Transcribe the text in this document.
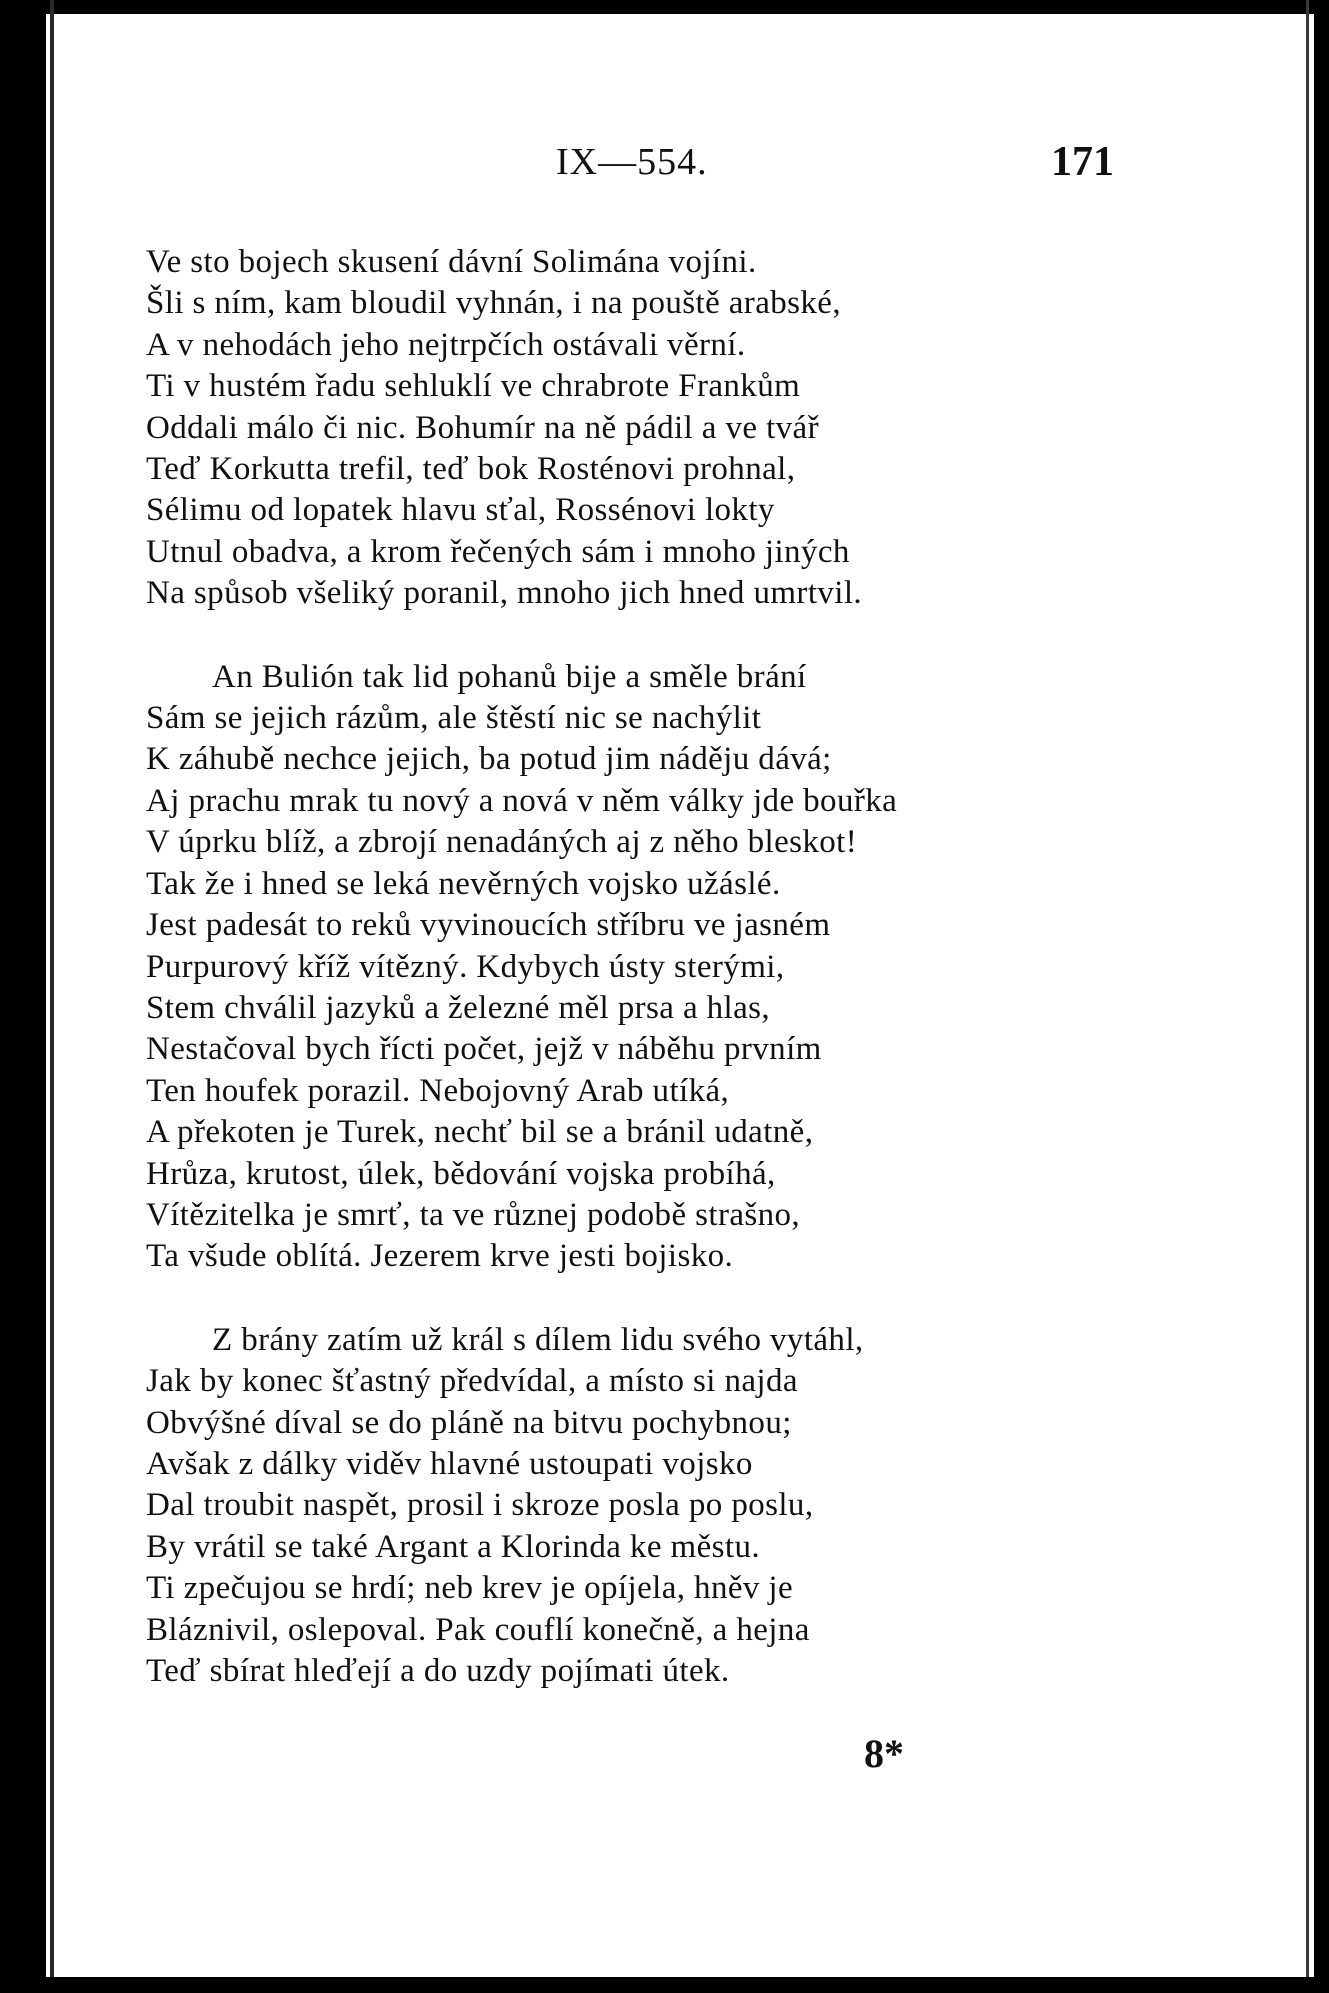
IX—554.	171
Ve sto bojech skusení dávní Solimána vojíni.
Šli s ním, kam bloudil vyhnán, i na pouště arabské,
A v nehodách jeho nejtrpčích ostávali věrní.
Ti v hustém řadu sehluklí ve chrabrote Frankům
Oddali málo či nic. Bohumír na ně pádil a ve tvář
Teď Korkutta trefil, teď bok Rosténovi prohnal,
Sélimu od lopatek hlavu sťal, Rossénovi lokty
Utnul obadva, a krom řečených sám i mnoho jiných
Na spůsob všeliký poranil, mnoho jich hned umrtvil.
An Bulión tak lid pohanů bije a směle brání
Sám se jejich rázům, ale štěstí nic se nachýlit
K záhubě nechce jejich, ba potud jim náděju dává;
Aj prachu mrak tu nový a nová v něm války jde bouřka
V úprku blíž, a zbrojí nenadáných aj z něho bleskot!
Tak že i hned se leká nevěrných vojsko užáslé.
Jest padesát to reků vyvinoucích stříbru ve jasném
Purpurový kříž vítězný. Kdybych ústy sterými,
Stem chválil jazyků a železné měl prsa a hlas,
Nestačoval bych řícti počet, jejž v náběhu prvním
Ten houfek porazil. Nebojovný Arab utíká,
A překoten je Turek, nechť bil se a bránil udatně,
Hrůza, krutost, úlek, bědování vojska probíhá,
Vítězitelka je smrť, ta ve různej podobě strašno,
Ta všude oblítá. Jezerem krve jesti bojisko.
Z brány zatím už král s dílem lidu svého vytáhl,
Jak by konec šťastný předvídal, a místo si najda
Obvýšné díval se do pláně na bitvu pochybnou;
Avšak z dálky viděv hlavné ustoupati vojsko
Dal troubit naspět, prosil i skroze posla po poslu,
By vrátil se také Argant a Klorinda ke městu.
Ti zpečujou se hrdí; neb krev je opíjela, hněv je
Bláznivil, oslepoval. Pak couflí konečně, a hejna
Teď sbírat hleďejí a do uzdy pojímati útek.
8*
